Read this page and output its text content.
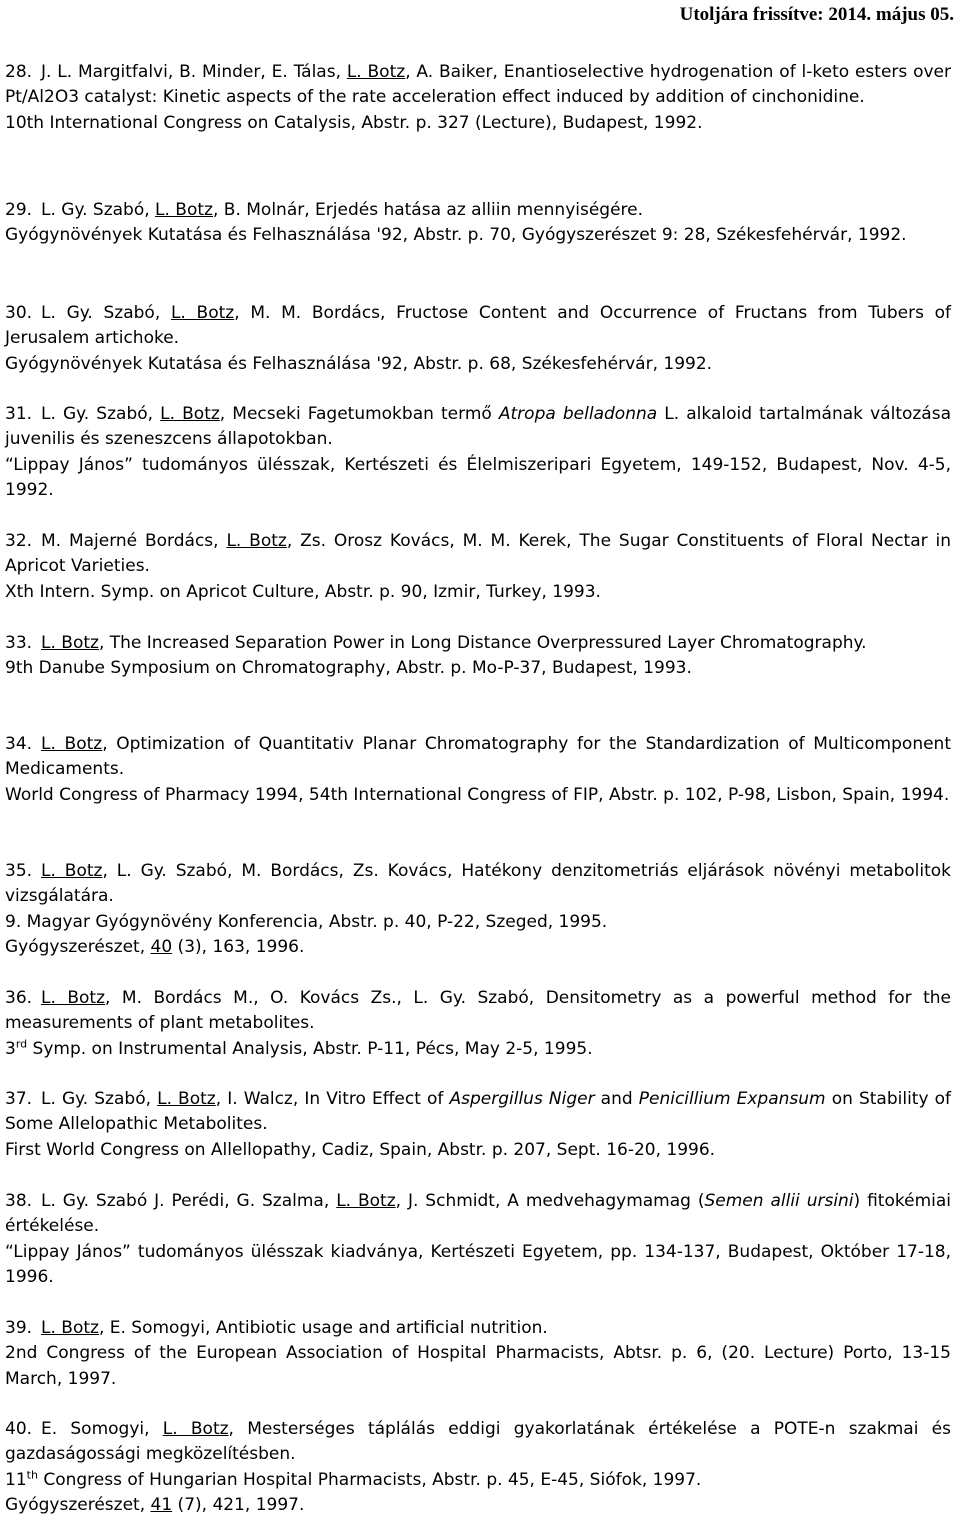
Utoljára frissítve: 2014. május 05.

28. J. L. Margitfalvi, B. Minder, E. Tálas, L. Botz, A. Baiker, Enantioselective hydrogenation of l-keto esters over Pt/Al2O3 catalyst: Kinetic aspects of the rate acceleration effect induced by addition of cinchonidine.

10th International Congress on Catalysis, Abstr. p. 327 (Lecture), Budapest, 1992.

29. L. Gy. Szabó, L. Botz, B. Molnár, Erjedés hatása az alliin mennyiségére.

Gyógynövények Kutatása és Felhasználása '92, Abstr. p. 70, Gyógyszerészet 9: 28, Székesfehérvár, 1992.

30. L. Gy. Szabó, L. Botz, M. M. Bordács, Fructose Content and Occurrence of Fructans from Tubers of Jerusalem artichoke.

Gyógynövények Kutatása és Felhasználása '92, Abstr. p. 68, Székesfehérvár, 1992.

31. L. Gy. Szabó, L. Botz, Mecseki Fagetumokban termő Atropa belladonna L. alkaloid tartalmának változása juvenilis és szeneszcens állapotokban.

“Lippay János” tudományos ülésszak, Kertészeti és Élelmiszeripari Egyetem, 149-152, Budapest, Nov. 4-5, 1992.

32. M. Majerné Bordács, L. Botz, Zs. Orosz Kovács, M. M. Kerek, The Sugar Constituents of Floral Nectar in Apricot Varieties.

Xth Intern. Symp. on Apricot Culture, Abstr. p. 90, Izmir, Turkey, 1993.

33. L. Botz, The Increased Separation Power in Long Distance Overpressured Layer Chromatography.

9th Danube Symposium on Chromatography, Abstr. p. Mo-P-37, Budapest, 1993.

34. L. Botz, Optimization of Quantitativ Planar Chromatography for the Standardization of Multicomponent Medicaments.

World Congress of Pharmacy 1994, 54th International Congress of FIP, Abstr. p. 102, P-98, Lisbon, Spain, 1994.

35. L. Botz, L. Gy. Szabó, M. Bordács, Zs. Kovács, Hatékony denzitometriás eljárások növényi metabolitok vizsgálatára.

9. Magyar Gyógynövény Konferencia, Abstr. p. 40, P-22, Szeged, 1995.

Gyógyszerészet, 40 (3), 163, 1996.

36. L. Botz, M. Bordács M., O. Kovács Zs., L. Gy. Szabó, Densitometry as a powerful method for the measurements of plant metabolites.

3rd Symp. on Instrumental Analysis, Abstr. P-11, Pécs, May 2-5, 1995.

37. L. Gy. Szabó, L. Botz, I. Walcz, In Vitro Effect of Aspergillus Niger and Penicillium Expansum on Stability of Some Allelopathic Metabolites.

First World Congress on Allellopathy, Cadiz, Spain, Abstr. p. 207, Sept. 16-20, 1996.

38. L. Gy. Szabó J. Perédi, G. Szalma, L. Botz, J. Schmidt, A medvehagymamag (Semen allii ursini) fitokémiai értékelése.

“Lippay János” tudományos ülésszak kiadványa, Kertészeti Egyetem, pp. 134-137, Budapest, Október 17-18, 1996.

39. L. Botz, E. Somogyi, Antibiotic usage and artificial nutrition.

2nd Congress of the European Association of Hospital Pharmacists, Abtsr. p. 6, (20. Lecture) Porto, 13-15 March, 1997.

40. E. Somogyi, L. Botz, Mesterséges táplálás eddigi gyakorlatának értékelése a POTE-n szakmai és gazdaságossági megközelítésben.

11th Congress of Hungarian Hospital Pharmacists, Abstr. p. 45, E-45, Siófok, 1997.

Gyógyszerészet, 41 (7), 421, 1997.
